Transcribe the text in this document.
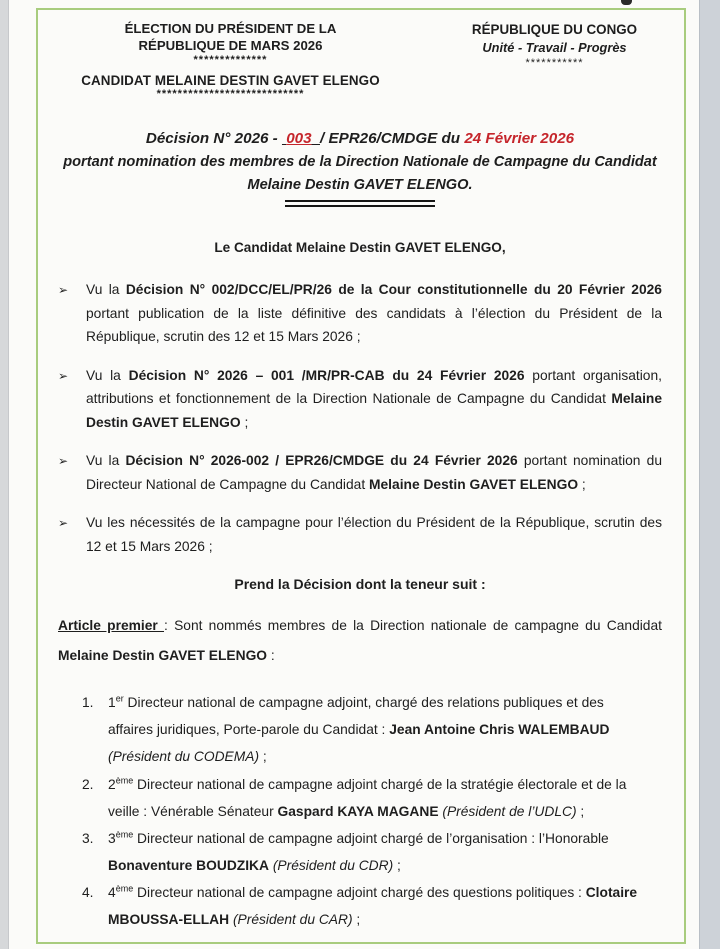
ÉLECTION DU PRÉSIDENT DE LA
RÉPUBLIQUE DE MARS 2026
**************
CANDIDAT MELAINE DESTIN GAVET ELENGO
****************************
RÉPUBLIQUE DU CONGO
Unité - Travail - Progrès
***********
Décision N° 2026 -  003 / EPR26/CMDGE du 24 Février 2026
portant nomination des membres de la Direction Nationale de Campagne du Candidat
Melaine Destin GAVET ELENGO.
Le Candidat Melaine Destin GAVET ELENGO,
➢	Vu la Décision N° 002/DCC/EL/PR/26 de la Cour constitutionnelle du 20 Février 2026 portant publication de la liste définitive des candidats à l’élection du Président de la République, scrutin des 12 et 15 Mars 2026 ;
➢	Vu la Décision N° 2026 – 001 /MR/PR-CAB du 24 Février 2026 portant organisation, attributions et fonctionnement de la Direction Nationale de Campagne du Candidat Melaine Destin GAVET ELENGO ;
➢	Vu la Décision N° 2026-002 / EPR26/CMDGE du 24 Février 2026 portant nomination du Directeur National de Campagne du Candidat Melaine Destin GAVET ELENGO ;
➢	Vu les nécessités de la campagne pour l’élection du Président de la République, scrutin des 12 et 15 Mars 2026 ;
Prend la Décision dont la teneur suit :
Article premier : Sont nommés membres de la Direction nationale de campagne du Candidat Melaine Destin GAVET ELENGO :
1.	1er Directeur national de campagne adjoint, chargé des relations publiques et des affaires juridiques, Porte-parole du Candidat : Jean Antoine Chris WALEMBAUD (Président du CODEMA) ;
2.	2ème Directeur national de campagne adjoint chargé de la stratégie électorale et de la veille : Vénérable Sénateur Gaspard KAYA MAGANE (Président de l’UDLC) ;
3.	3ème Directeur national de campagne adjoint chargé de l’organisation : l’Honorable Bonaventure BOUDZIKA (Président du CDR) ;
4.	4ème Directeur national de campagne adjoint chargé des questions politiques : Clotaire MBOUSSA-ELLAH (Président du CAR) ;
